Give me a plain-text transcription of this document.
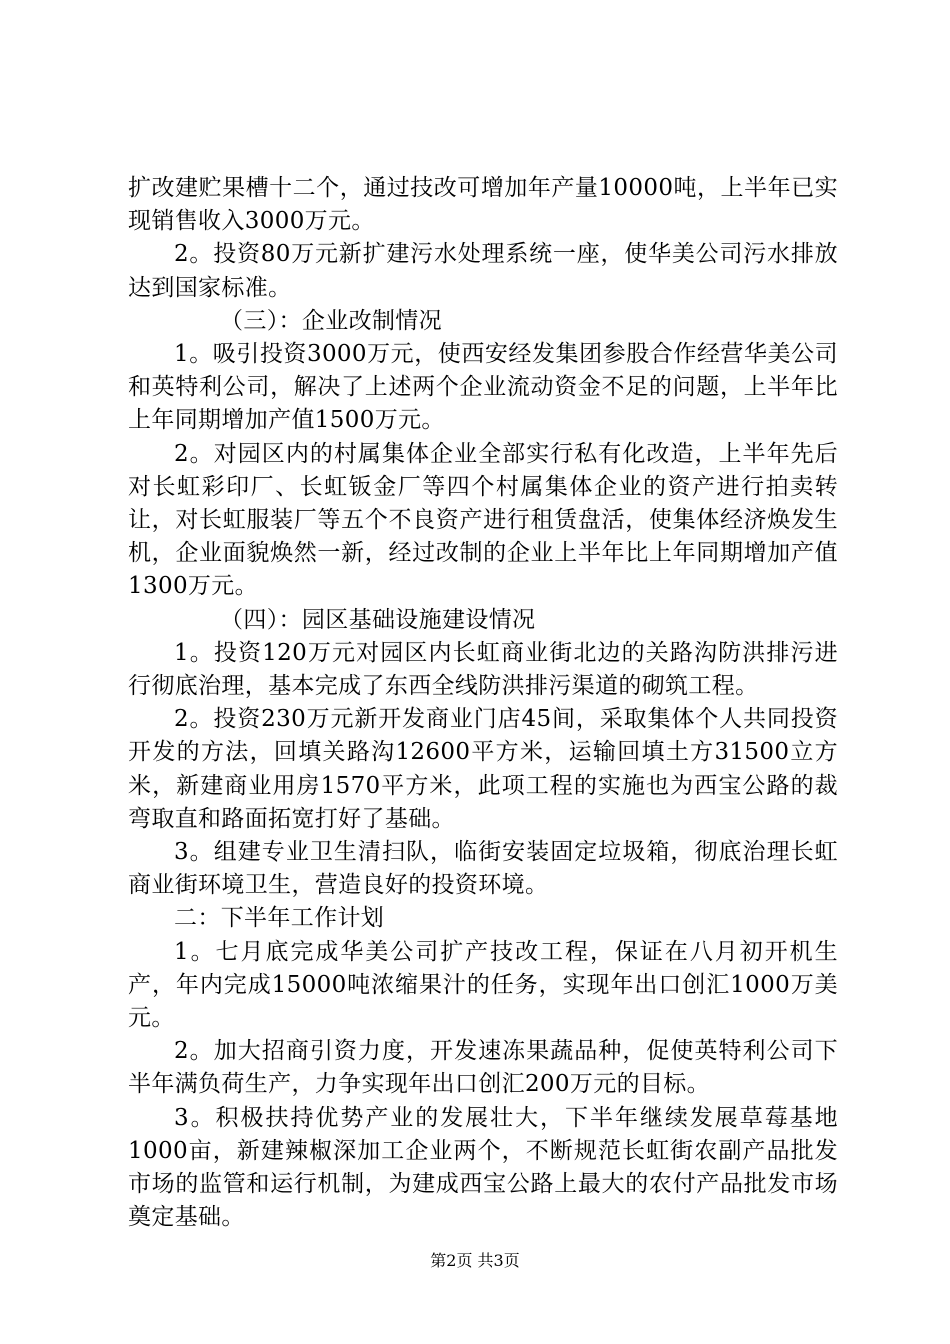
扩改建贮果槽十二个，通过技改可增加年产量10000吨，上半年已实现销售收入3000万元。

2。投资80万元新扩建污水处理系统一座，使华美公司污水排放达到国家标准。

（三）：企业改制情况

1。吸引投资3000万元，使西安经发集团参股合作经营华美公司和英特利公司，解决了上述两个企业流动资金不足的问题，上半年比上年同期增加产值1500万元。

2。对园区内的村属集体企业全部实行私有化改造，上半年先后对长虹彩印厂、长虹钣金厂等四个村属集体企业的资产进行拍卖转让，对长虹服装厂等五个不良资产进行租赁盘活，使集体经济焕发生机，企业面貌焕然一新，经过改制的企业上半年比上年同期增加产值1300万元。

（四）：园区基础设施建设情况

1。投资120万元对园区内长虹商业街北边的关路沟防洪排污进行彻底治理，基本完成了东西全线防洪排污渠道的砌筑工程。

2。投资230万元新开发商业门店45间，采取集体个人共同投资开发的方法，回填关路沟12600平方米，运输回填土方31500立方米，新建商业用房1570平方米，此项工程的实施也为西宝公路的裁弯取直和路面拓宽打好了基础。

3。组建专业卫生清扫队，临街安装固定垃圾箱，彻底治理长虹商业街环境卫生，营造良好的投资环境。

二：下半年工作计划

1。七月底完成华美公司扩产技改工程，保证在八月初开机生产，年内完成15000吨浓缩果汁的任务，实现年出口创汇1000万美元。

2。加大招商引资力度，开发速冻果蔬品种，促使英特利公司下半年满负荷生产，力争实现年出口创汇200万元的目标。

3。积极扶持优势产业的发展壮大，下半年继续发展草莓基地1000亩，新建辣椒深加工企业两个，不断规范长虹街农副产品批发市场的监管和运行机制，为建成西宝公路上最大的农付产品批发市场奠定基础。

第2页 共3页
